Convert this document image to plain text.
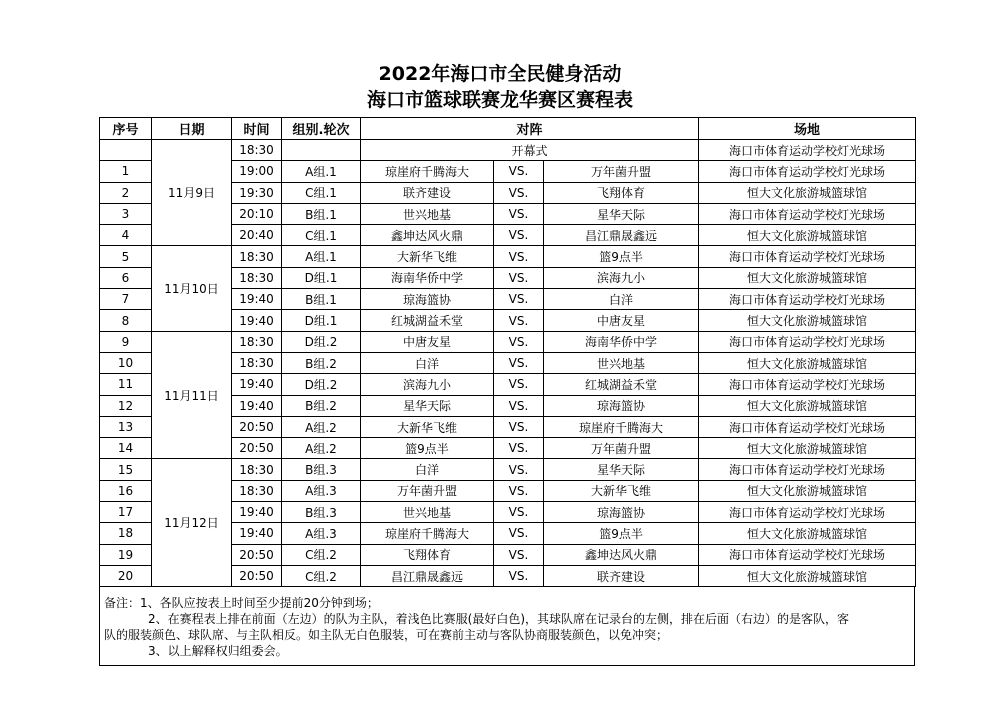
2022年海口市全民健身活动
海口市篮球联赛龙华赛区赛程表
序号	日期	时间	组别.轮次	对阵			场地
	11月9日	18:30		开幕式			海口市体育运动学校灯光球场
1		19:00	A组.1	琼崖府千腾海大	VS.	万年菌升盟	海口市体育运动学校灯光球场
2		19:30	C组.1	联齐建设	VS.	飞翔体育	恒大文化旅游城篮球馆
3		20:10	B组.1	世兴地基	VS.	星华天际	海口市体育运动学校灯光球场
4		20:40	C组.1	鑫坤达风火鼎	VS.	昌江鼎晟鑫远	恒大文化旅游城篮球馆
5	11月10日	18:30	A组.1	大新华飞维	VS.	篮9点半	海口市体育运动学校灯光球场
6		18:30	D组.1	海南华侨中学	VS.	滨海九小	恒大文化旅游城篮球馆
7		19:40	B组.1	琼海篮协	VS.	白洋	海口市体育运动学校灯光球场
8		19:40	D组.1	红城湖益禾堂	VS.	中唐友星	恒大文化旅游城篮球馆
9	11月11日	18:30	D组.2	中唐友星	VS.	海南华侨中学	海口市体育运动学校灯光球场
10		18:30	B组.2	白洋	VS.	世兴地基	恒大文化旅游城篮球馆
11		19:40	D组.2	滨海九小	VS.	红城湖益禾堂	海口市体育运动学校灯光球场
12		19:40	B组.2	星华天际	VS.	琼海篮协	恒大文化旅游城篮球馆
13		20:50	A组.2	大新华飞维	VS.	琼崖府千腾海大	海口市体育运动学校灯光球场
14		20:50	A组.2	篮9点半	VS.	万年菌升盟	恒大文化旅游城篮球馆
15	11月12日	18:30	B组.3	白洋	VS.	星华天际	海口市体育运动学校灯光球场
16		18:30	A组.3	万年菌升盟	VS.	大新华飞维	恒大文化旅游城篮球馆
17		19:40	B组.3	世兴地基	VS.	琼海篮协	海口市体育运动学校灯光球场
18		19:40	A组.3	琼崖府千腾海大	VS.	篮9点半	恒大文化旅游城篮球馆
19		20:50	C组.2	飞翔体育	VS.	鑫坤达风火鼎	海口市体育运动学校灯光球场
20		20:50	C组.2	昌江鼎晟鑫远	VS.	联齐建设	恒大文化旅游城篮球馆

备注：1、各队应按表上时间至少提前20分钟到场；

2、在赛程表上排在前面（左边）的队为主队，着浅色比赛服(最好白色)，其球队席在记录台的左侧，排在后面（右边）的是客队，客

队的服装颜色、球队席、与主队相反。如主队无白色服装，可在赛前主动与客队协商服装颜色，以免冲突；

3、以上解释权归组委会。
